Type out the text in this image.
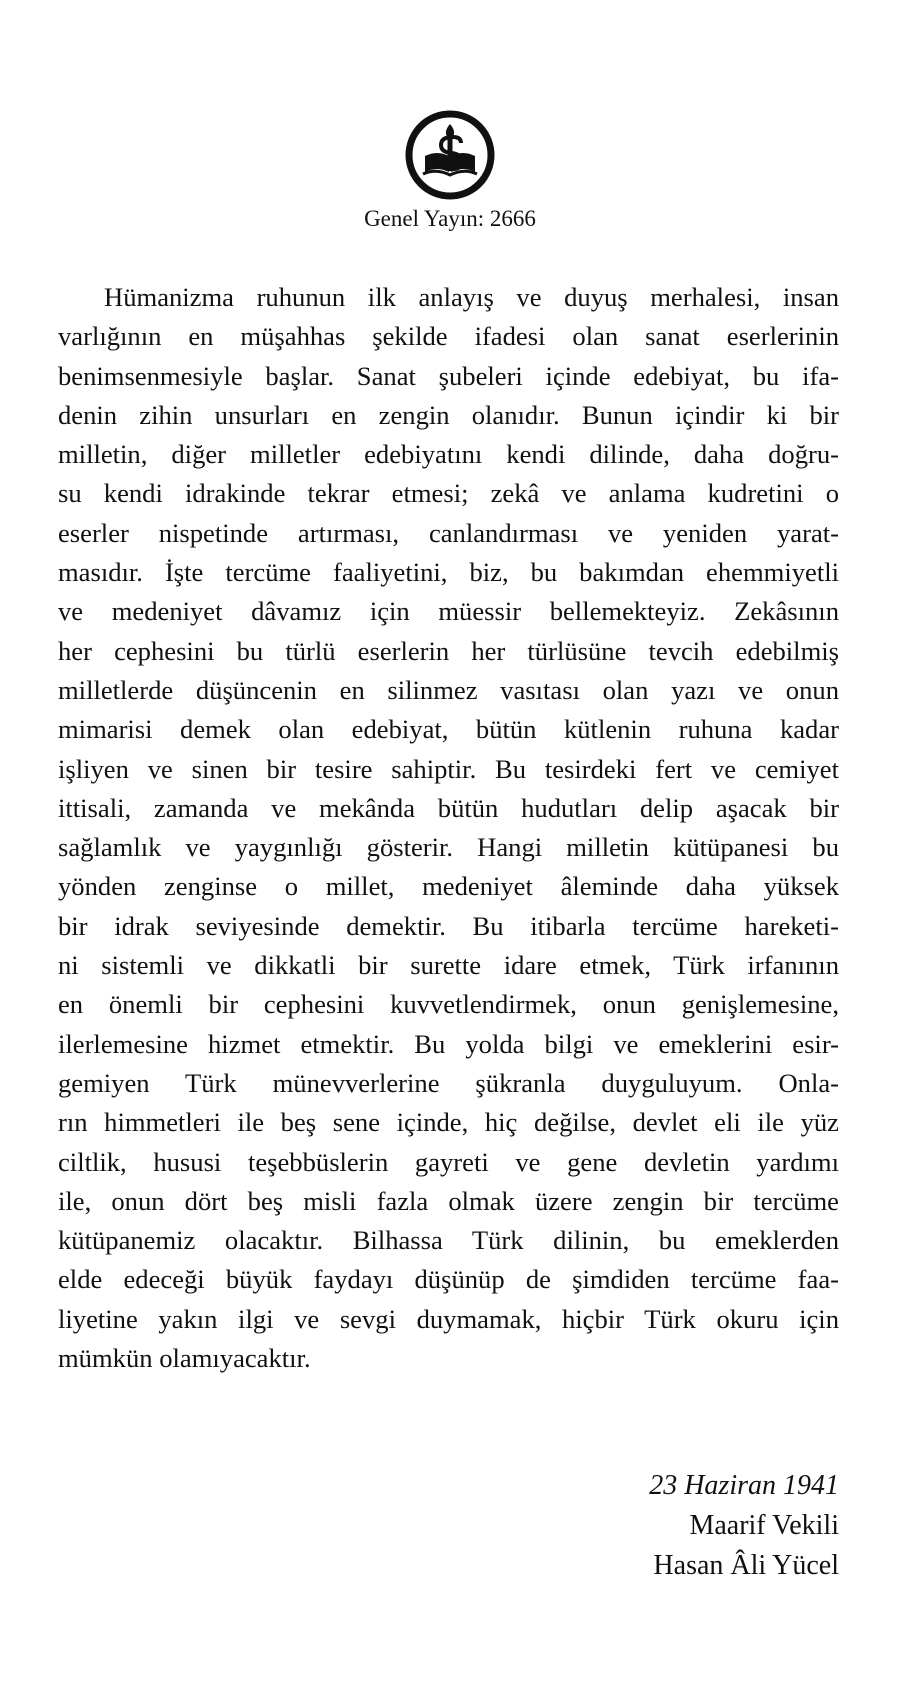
Genel Yayın: 2666
Hümanizma ruhunun ilk anlayış ve duyuş merhalesi, insan
varlığının en müşahhas şekilde ifadesi olan sanat eserlerinin
benimsenmesiyle başlar. Sanat şubeleri içinde edebiyat, bu ifa-
denin zihin unsurları en zengin olanıdır. Bunun içindir ki bir
milletin, diğer milletler edebiyatını kendi dilinde, daha doğru-
su kendi idrakinde tekrar etmesi; zekâ ve anlama kudretini o
eserler nispetinde artırması, canlandırması ve yeniden yarat-
masıdır. İşte tercüme faaliyetini, biz, bu bakımdan ehemmiyetli
ve medeniyet dâvamız için müessir bellemekteyiz. Zekâsının
her cephesini bu türlü eserlerin her türlüsüne tevcih edebilmiş
milletlerde düşüncenin en silinmez vasıtası olan yazı ve onun
mimarisi demek olan edebiyat, bütün kütlenin ruhuna kadar
işliyen ve sinen bir tesire sahiptir. Bu tesirdeki fert ve cemiyet
ittisali, zamanda ve mekânda bütün hudutları delip aşacak bir
sağlamlık ve yaygınlığı gösterir. Hangi milletin kütüpanesi bu
yönden zenginse o millet, medeniyet âleminde daha yüksek
bir idrak seviyesinde demektir. Bu itibarla tercüme hareketi-
ni sistemli ve dikkatli bir surette idare etmek, Türk irfanının
en önemli bir cephesini kuvvetlendirmek, onun genişlemesine,
ilerlemesine hizmet etmektir. Bu yolda bilgi ve emeklerini esir-
gemiyen Türk münevverlerine şükranla duyguluyum. Onla-
rın himmetleri ile beş sene içinde, hiç değilse, devlet eli ile yüz
ciltlik, hususi teşebbüslerin gayreti ve gene devletin yardımı
ile, onun dört beş misli fazla olmak üzere zengin bir tercüme
kütüpanemiz olacaktır. Bilhassa Türk dilinin, bu emeklerden
elde edeceği büyük faydayı düşünüp de şimdiden tercüme faa-
liyetine yakın ilgi ve sevgi duymamak, hiçbir Türk okuru için
mümkün olamıyacaktır.
23 Haziran 1941
Maarif Vekili
Hasan Âli Yücel
